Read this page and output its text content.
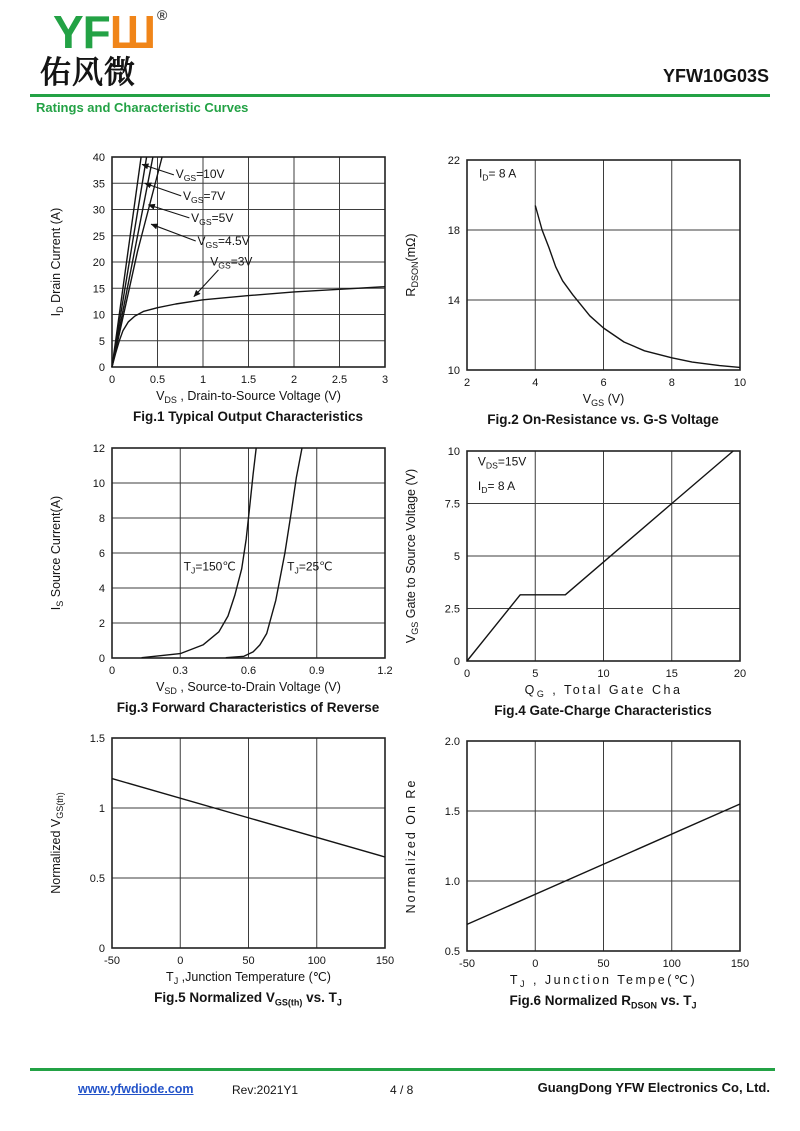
YFШ ®
佑风微	YFW10G03S
Ratings and Characteristic Curves
0	0.5	1	1.5	2	2.5	3
0
5
10
15
20
25
30
35
40
$V_{GS}=10V$
$V_{GS}=7V$
$V_{GS}=5V$
$V_{GS}=4.5V$
$V_{GS}=3V$
$V_{DS}$ , Drain-to-Source Voltage (V)
$I_D$ Drain Current (A)
Fig.1 Typical Output Characteristics
2	4	6	8	10
10
14
18
22
$I_D= 8$ A
$V_{GS}$ (V)
$R_{DSON}(m\Omega)$
Fig.2 On-Resistance vs. G-S Voltage
0	0.3	0.6	0.9	1.2
0
2
4
6
8
10
12
$T_J=150℃$	$T_J=25℃$
$V_{SD}$ , Source-to-Drain Voltage (V)
$I_S$ Source Current(A)
Fig.3 Forward Characteristics of Reverse
0	5	10	15	20
0
2.5
5
7.5
10
$V_{DS}=15V$
$I_D= 8$ A
$Q_G$ , Total Gate Cha
$V_{GS}$ Gate to Source Voltage (V)
Fig.4 Gate-Charge Characteristics
-50	0	50	100	150
0
0.5
1
1.5
$T_J$ ,Junction Temperature (℃)
Normalized $V_{GS(th)}$
Fig.5 Normalized $V_{GS(th)}$ vs. $T_J$
-50	0	50	100	150
0.5
1.0
1.5
2.0
$T_J$ , Junction Tempe(℃)
Normalized On Re
Fig.6 Normalized $R_{DSON}$ vs. $T_J$
www.yfwdiode.com	Rev:2021Y1	4 / 8	GuangDong YFW Electronics Co, Ltd.
